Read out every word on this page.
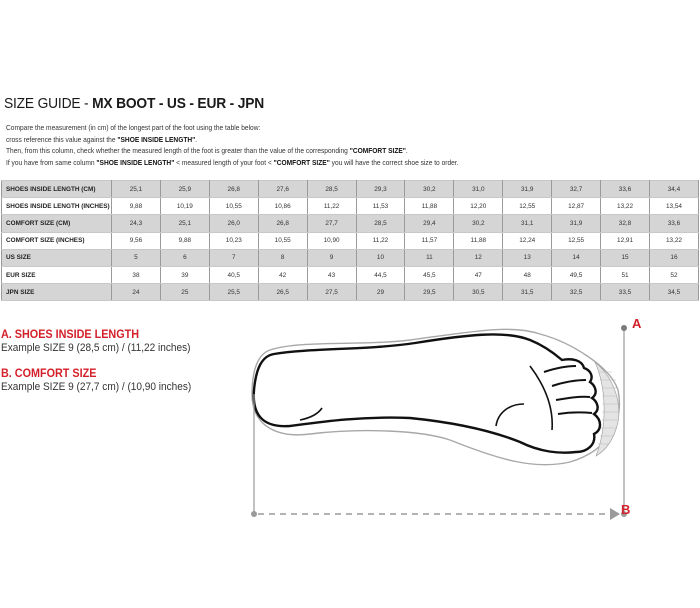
SIZE GUIDE - MX BOOT - US - EUR - JPN

Compare the measurement (in cm) of the longest part of the foot using the table below:

cross reference this value against the "SHOE INSIDE LENGTH".

Then, from this column, check whether the measured length of the foot is greater than the value of the corresponding "COMFORT SIZE".

If you have from same column "SHOE INSIDE LENGTH" < measured length of your foot < "COMFORT SIZE" you will have the correct shoe size to order.

SHOES INSIDE LENGTH (CM)	25,1	25,9	26,8	27,6	28,5	29,3	30,2	31,0	31,9	32,7	33,6	34,4
SHOES INSIDE LENGTH (INCHES)	9,88	10,19	10,55	10,86	11,22	11,53	11,88	12,20	12,55	12,87	13,22	13,54
COMFORT SIZE (CM)	24,3	25,1	26,0	26,8	27,7	28,5	29,4	30,2	31,1	31,9	32,8	33,6
COMFORT SIZE (INCHES)	9,56	9,88	10,23	10,55	10,90	11,22	11,57	11,88	12,24	12,55	12,91	13,22
US SIZE	5	6	7	8	9	10	11	12	13	14	15	16
EUR SIZE	38	39	40,5	42	43	44,5	45,5	47	48	49,5	51	52
JPN SIZE	24	25	25,5	26,5	27,5	29	29,5	30,5	31,5	32,5	33,5	34,5
A. SHOES INSIDE LENGTH
Example SIZE 9 (28,5 cm) / (11,22 inches)
B. COMFORT SIZE
Example SIZE 9 (27,7 cm) / (10,90 inches)
A
B
